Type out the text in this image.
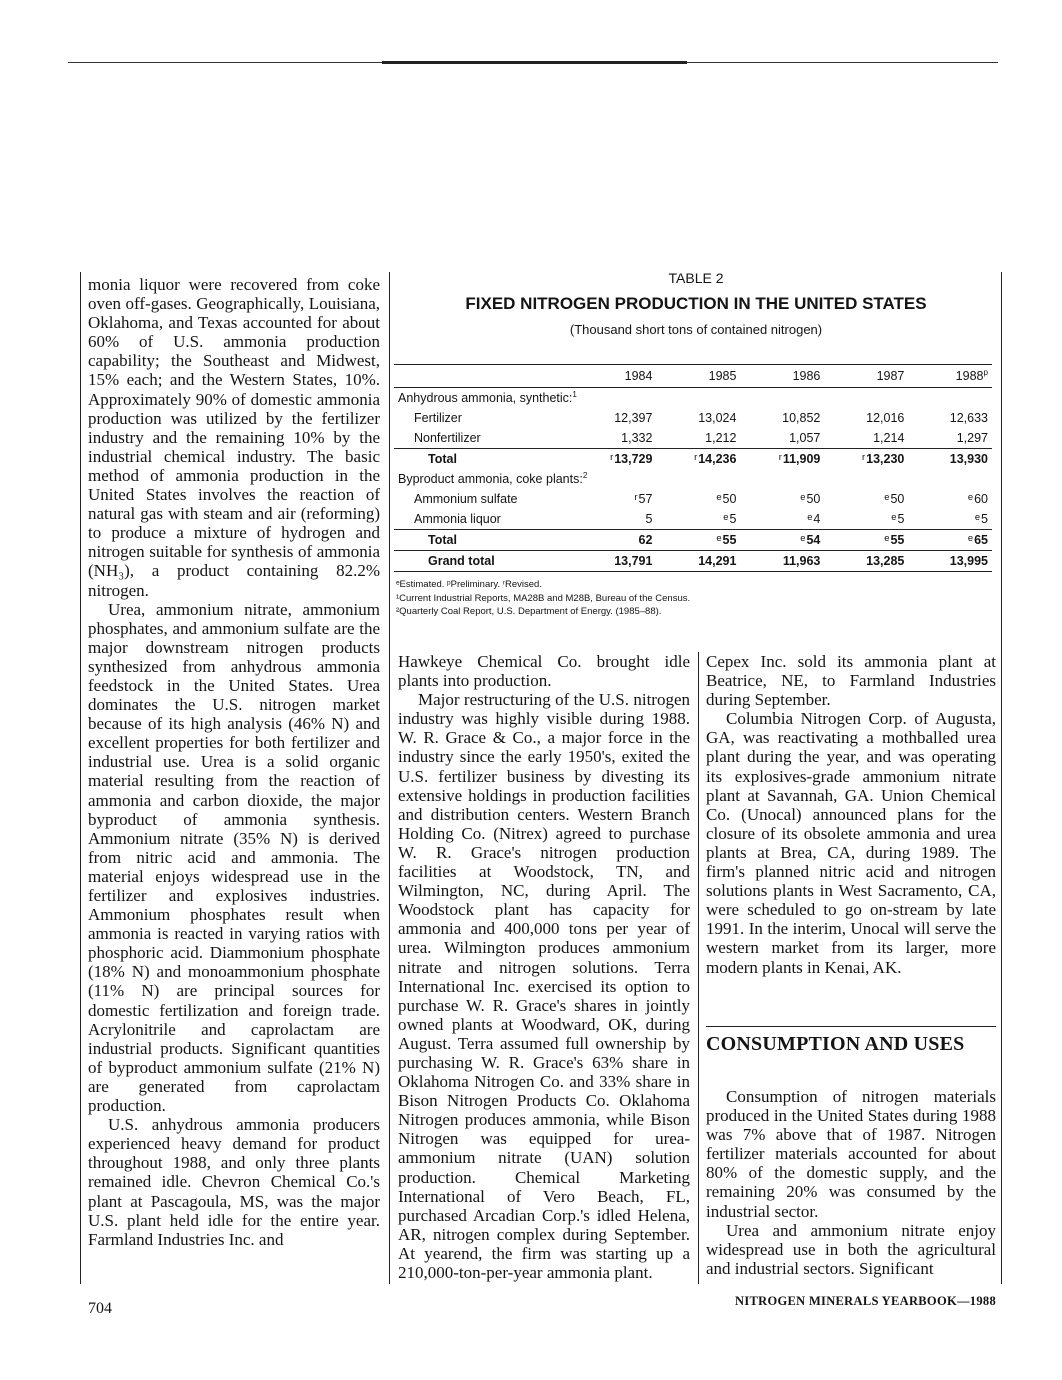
monia liquor were recovered from coke oven off-gases. Geographically, Louisiana, Oklahoma, and Texas accounted for about 60% of U.S. ammonia production capability; the Southeast and Midwest, 15% each; and the Western States, 10%. Approximately 90% of domestic ammonia production was utilized by the fertilizer industry and the remaining 10% by the industrial chemical industry. The basic method of ammonia production in the United States involves the reaction of natural gas with steam and air (reforming) to produce a mixture of hydrogen and nitrogen suitable for synthesis of ammonia (NH₃), a product containing 82.2% nitrogen.

Urea, ammonium nitrate, ammonium phosphates, and ammonium sulfate are the major downstream nitrogen products synthesized from anhydrous ammonia feedstock in the United States. Urea dominates the U.S. nitrogen market because of its high analysis (46% N) and excellent properties for both fertilizer and industrial use. Urea is a solid organic material resulting from the reaction of ammonia and carbon dioxide, the major byproduct of ammonia synthesis. Ammonium nitrate (35% N) is derived from nitric acid and ammonia. The material enjoys widespread use in the fertilizer and explosives industries. Ammonium phosphates result when ammonia is reacted in varying ratios with phosphoric acid. Diammonium phosphate (18% N) and monoammonium phosphate (11% N) are principal sources for domestic fertilization and foreign trade. Acrylonitrile and caprolactam are industrial products. Significant quantities of byproduct ammonium sulfate (21% N) are generated from caprolactam production.

U.S. anhydrous ammonia producers experienced heavy demand for product throughout 1988, and only three plants remained idle. Chevron Chemical Co.'s plant at Pascagoula, MS, was the major U.S. plant held idle for the entire year. Farmland Industries Inc. and

TABLE 2
FIXED NITROGEN PRODUCTION IN THE UNITED STATES
(Thousand short tons of contained nitrogen)
	1984	1985	1986	1987	1988$^p$
Anhydrous ammonia, synthetic:$^1$
Fertilizer	12,397	13,024	10,852	12,016	12,633
Nonfertilizer	1,332	1,212	1,057	1,214	1,297
Total	$^r$13,729	$^r$14,236	$^r$11,909	$^r$13,230	13,930
Byproduct ammonia, coke plants:$^2$
Ammonium sulfate	$^r$57	$^e$50	$^e$50	$^e$50	$^e$60
Ammonia liquor	5	$^e$5	$^e$4	$^e$5	$^e$5
Total	62	$^e$55	$^e$54	$^e$55	$^e$65
Grand total	13,791	14,291	11,963	13,285	13,995
ᵉEstimated. ᵖPreliminary. ʳRevised.
¹Current Industrial Reports, MA28B and M28B, Bureau of the Census.
²Quarterly Coal Report, U.S. Department of Energy. (1985–88).

Hawkeye Chemical Co. brought idle plants into production.

Major restructuring of the U.S. nitrogen industry was highly visible during 1988. W. R. Grace & Co., a major force in the industry since the early 1950's, exited the U.S. fertilizer business by divesting its extensive holdings in production facilities and distribution centers. Western Branch Holding Co. (Nitrex) agreed to purchase W. R. Grace's nitrogen production facilities at Woodstock, TN, and Wilmington, NC, during April. The Woodstock plant has capacity for ammonia and 400,000 tons per year of urea. Wilmington produces ammonium nitrate and nitrogen solutions. Terra International Inc. exercised its option to purchase W. R. Grace's shares in jointly owned plants at Woodward, OK, during August. Terra assumed full ownership by purchasing W. R. Grace's 63% share in Oklahoma Nitrogen Co. and 33% share in Bison Nitrogen Products Co. Oklahoma Nitrogen produces ammonia, while Bison Nitrogen was equipped for urea-ammonium nitrate (UAN) solution production. Chemical Marketing International of Vero Beach, FL, purchased Arcadian Corp.'s idled Helena, AR, nitrogen complex during September. At yearend, the firm was starting up a 210,000-ton-per-year ammonia plant.

Cepex Inc. sold its ammonia plant at Beatrice, NE, to Farmland Industries during September.

Columbia Nitrogen Corp. of Augusta, GA, was reactivating a mothballed urea plant during the year, and was operating its explosives-grade ammonium nitrate plant at Savannah, GA. Union Chemical Co. (Unocal) announced plans for the closure of its obsolete ammonia and urea plants at Brea, CA, during 1989. The firm's planned nitric acid and nitrogen solutions plants in West Sacramento, CA, were scheduled to go on-stream by late 1991. In the interim, Unocal will serve the western market from its larger, more modern plants in Kenai, AK.

CONSUMPTION AND USES

Consumption of nitrogen materials produced in the United States during 1988 was 7% above that of 1987. Nitrogen fertilizer materials accounted for about 80% of the domestic supply, and the remaining 20% was consumed by the industrial sector.

Urea and ammonium nitrate enjoy widespread use in both the agricultural and industrial sectors. Significant

704	NITROGEN MINERALS YEARBOOK—1988
